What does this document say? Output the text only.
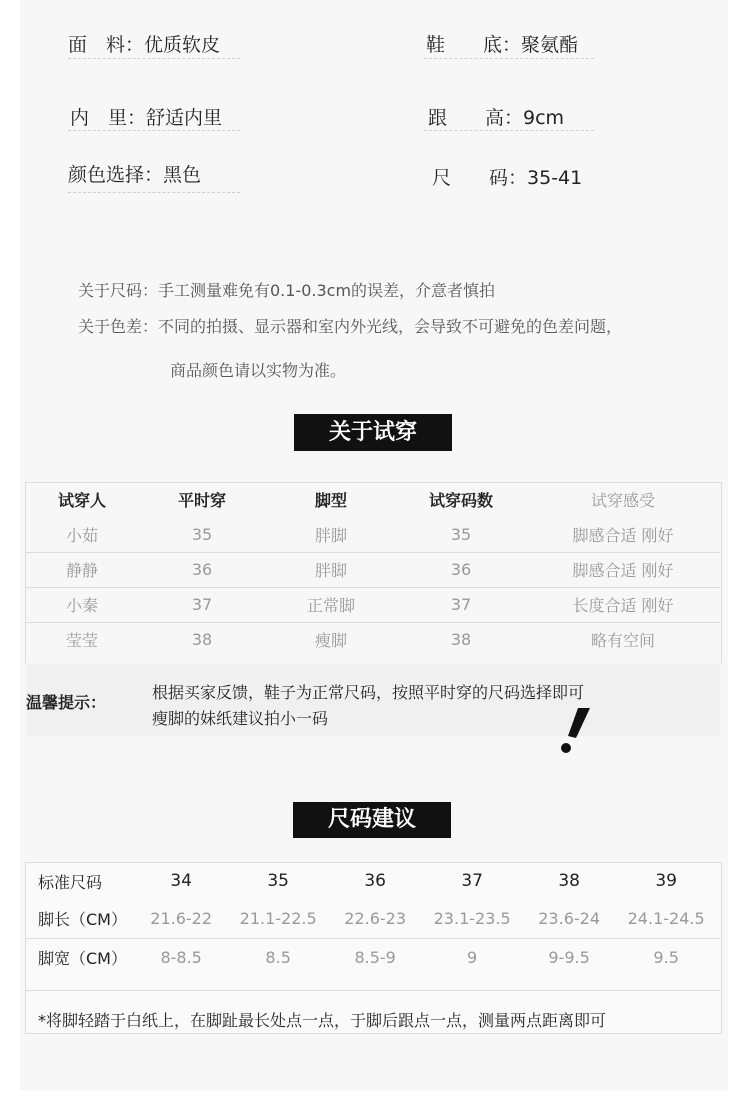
面　料：优质软皮	鞋　　底：聚氨酯
内　里：舒适内里	跟　　高：9cm
颜色选择：黑色	尺　　码：35-41
关于尺码：手工测量难免有0.1-0.3cm的误差，介意者慎拍
关于色差：不同的拍摄、显示器和室内外光线，会导致不可避免的色差问题，
商品颜色请以实物为准。
关于试穿
试穿人	平时穿	脚型	试穿码数	试穿感受
小茹	35	胖脚	35	脚感合适 刚好
静静	36	胖脚	36	脚感合适 刚好
小秦	37	正常脚	37	长度合适 刚好
莹莹	38	瘦脚	38	略有空间
温馨提示：
根据买家反馈，鞋子为正常尺码，按照平时穿的尺码选择即可
瘦脚的妹纸建议拍小一码
尺码建议
标准尺码	34	35	36	37	38	39
脚长（CM）	21.6-22	21.1-22.5	22.6-23	23.1-23.5	23.6-24	24.1-24.5
脚宽（CM）	8-8.5	8.5	8.5-9	9	9-9.5	9.5
*将脚轻踏于白纸上，在脚趾最长处点一点，于脚后跟点一点，测量两点距离即可
